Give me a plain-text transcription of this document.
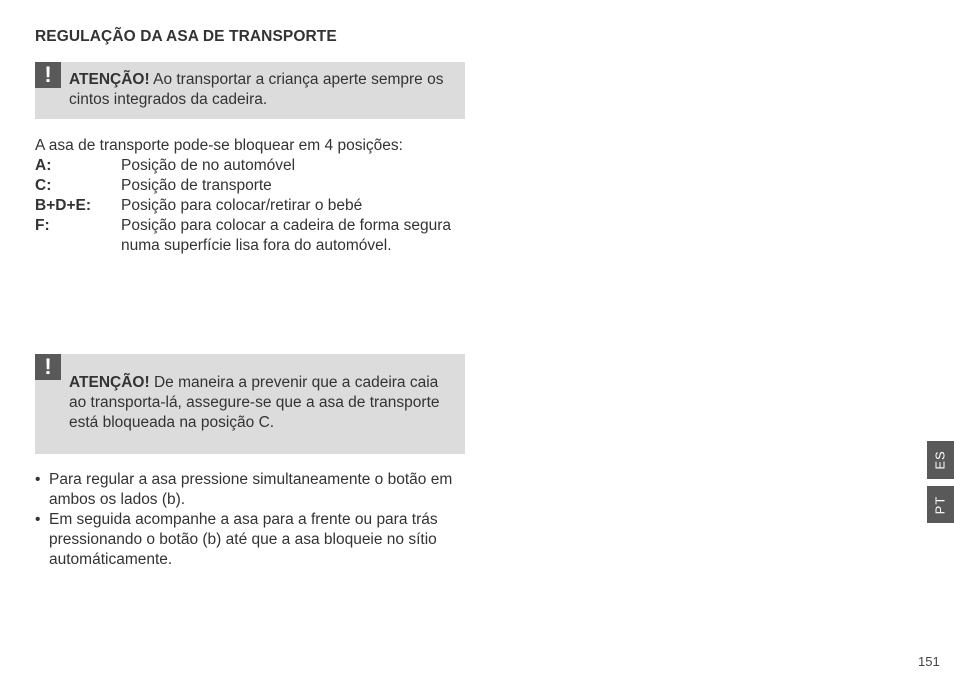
REGULAÇÃO DA ASA DE TRANSPORTE
!	ATENÇÃO! Ao transportar a criança aperte sempre os cintos integrados da cadeira.
A asa de transporte pode-se bloquear em 4 posições:
A:	Posição de no automóvel
C:	Posição de transporte
B+D+E:	Posição para colocar/retirar o bebé
F:	Posição para colocar a cadeira de forma segura numa superfície lisa fora do automóvel.
!
ATENÇÃO! De maneira a prevenir que a cadeira caia ao transporta-lá, assegure-se que a asa de transporte está bloqueada na posição C.
• Para regular a asa pressione simultaneamente o botão em ambos os lados (b).
• Em seguida acompanhe a asa para a frente ou para trás pressionando o botão (b) até que a asa bloqueie no sítio automáticamente.
ES
PT
151
